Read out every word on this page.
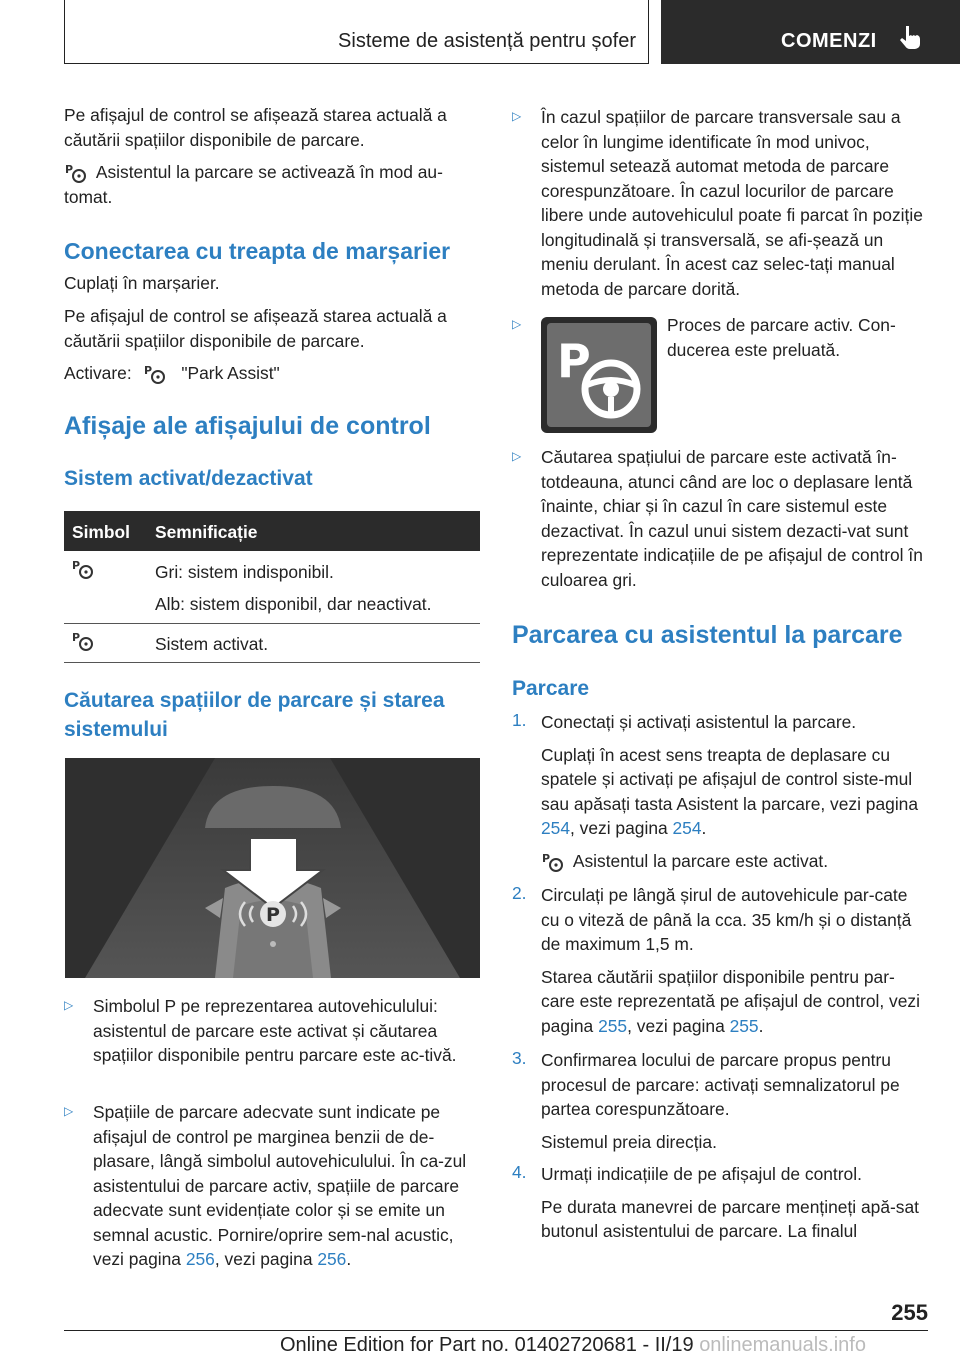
Sisteme de asistență pentru șofer	COMENZI

Pe afișajul de control se afișează starea actuală a căutării spațiilor disponibile de parcare.

P Asistentul la parcare se activează în mod au-tomat.

Conectarea cu treapta de marșarier

Cuplați în marșarier.

Pe afișajul de control se afișează starea actuală a căutării spațiilor disponibile de parcare.

Activare: P "Park Assist"

Afișaje ale afișajului de control
Sistem activat/dezactivat
Simbol Semnificație
P	Gri: sistem indisponibil.

Alb: sistem disponibil, dar neactivat.

P	Sistem activat.

Căutarea spațiilor de parcare și starea sistemului
P
▷	Simbolul P pe reprezentarea autovehiculului: asistentul de parcare este activat și căutarea spațiilor disponibile pentru parcare este ac-tivă.

▷	Spațiile de parcare adecvate sunt indicate pe afișajul de control pe marginea benzii de de-plasare, lângă simbolul autovehiculului. În ca-zul asistentului de parcare activ, spațiile de parcare adecvate sunt evidențiate color și se emite un semnal acustic. Pornire/oprire sem-nal acustic, vezi pagina 256, vezi pagina 256.

▷	În cazul spațiilor de parcare transversale sau a celor în lungime identificate în mod univoc, sistemul setează automat metoda de parcare corespunzătoare. În cazul locurilor de parcare libere unde autovehiculul poate fi parcat în poziție longitudinală și transversală, se afi-șează un meniu derulant. În acest caz selec-tați manual metoda de parcare dorită.

▷
P

Proces de parcare activ. Con-ducerea este preluată.

▷	Căutarea spațiului de parcare este activată în-totdeauna, atunci când are loc o deplasare lentă înainte, chiar și în cazul în care sistemul este dezactivat. În cazul unui sistem dezacti-vat sunt reprezentate indicațiile de pe afișajul de control în culoarea gri.

Parcarea cu asistentul la parcare
Parcare
1. Conectați și activați asistentul la parcare.

Cuplați în acest sens treapta de deplasare cu spatele și activați pe afișajul de control siste-mul sau apăsați tasta Asistent la parcare, vezi pagina 254, vezi pagina 254.

P Asistentul la parcare este activat.

2. Circulați pe lângă șirul de autovehicule par-cate cu o viteză de până la cca. 35 km/h și o distanță de maximum 1,5 m.

Starea căutării spațiilor disponibile pentru par-care este reprezentată pe afișajul de control, vezi pagina 255, vezi pagina 255.

3. Confirmarea locului de parcare propus pentru procesul de parcare: activați semnalizatorul pe partea corespunzătoare.

Sistemul preia direcția.

4. Urmați indicațiile de pe afișajul de control.

Pe durata manevrei de parcare mențineți apă-sat butonul asistentului de parcare. La finalul

255
Online Edition for Part no. 01402720681 - II/19 onlinemanuals.info
